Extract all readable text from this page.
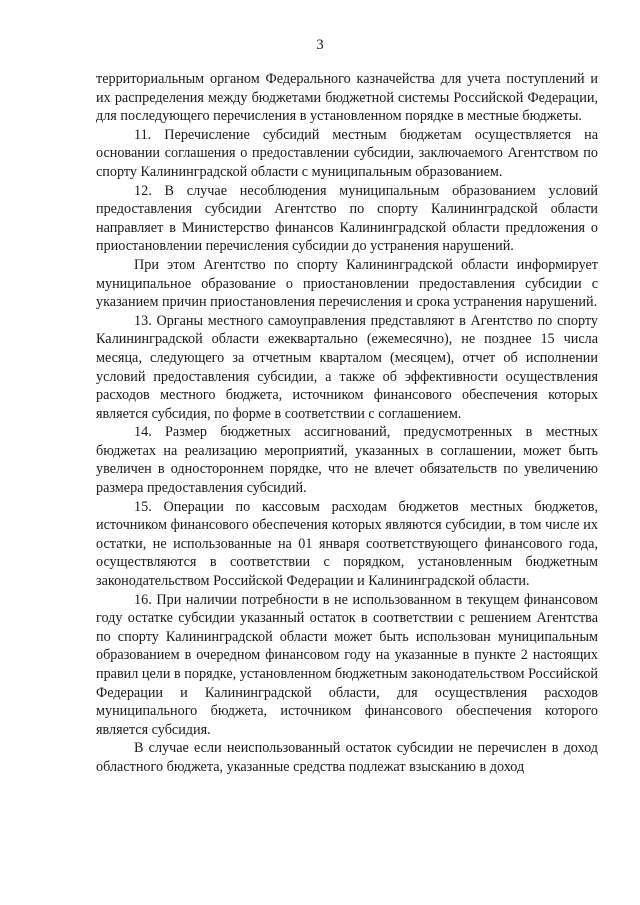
3

территориальным органом Федерального казначейства для учета поступлений и их распределения между бюджетами бюджетной системы Российской Федерации, для последующего перечисления в установленном порядке в местные бюджеты.

11. Перечисление субсидий местным бюджетам осуществляется на основании соглашения о предоставлении субсидии, заключаемого Агентством по спорту Калининградской области с муниципальным образованием.

12. В случае несоблюдения муниципальным образованием условий предоставления субсидии Агентство по спорту Калининградской области направляет в Министерство финансов Калининградской области предложения о приостановлении перечисления субсидии до устранения нарушений.

При этом Агентство по спорту Калининградской области информирует муниципальное образование о приостановлении предоставления субсидии с указанием причин приостановления перечисления и срока устранения нарушений.

13. Органы местного самоуправления представляют в Агентство по спорту Калининградской области ежеквартально (ежемесячно), не позднее 15 числа месяца, следующего за отчетным кварталом (месяцем), отчет об исполнении условий предоставления субсидии, а также об эффективности осуществления расходов местного бюджета, источником финансового обеспечения которых является субсидия, по форме в соответствии с соглашением.

14. Размер бюджетных ассигнований, предусмотренных в местных бюджетах на реализацию мероприятий, указанных в соглашении, может быть увеличен в одностороннем порядке, что не влечет обязательств по увеличению размера предоставления субсидий.

15. Операции по кассовым расходам бюджетов местных бюджетов, источником финансового обеспечения которых являются субсидии, в том числе их остатки, не использованные на 01 января соответствующего финансового года, осуществляются в соответствии с порядком, установленным бюджетным законодательством Российской Федерации и Калининградской области.

16. При наличии потребности в не использованном в текущем финансовом году остатке субсидии указанный остаток в соответствии с решением Агентства по спорту Калининградской области может быть использован муниципальным образованием в очередном финансовом году на указанные в пункте 2 настоящих правил цели в порядке, установленном бюджетным законодательством Российской Федерации и Калининградской области, для осуществления расходов муниципального бюджета, источником финансового обеспечения которого является субсидия.

В случае если неиспользованный остаток субсидии не перечислен в доход областного бюджета, указанные средства подлежат взысканию в доход
